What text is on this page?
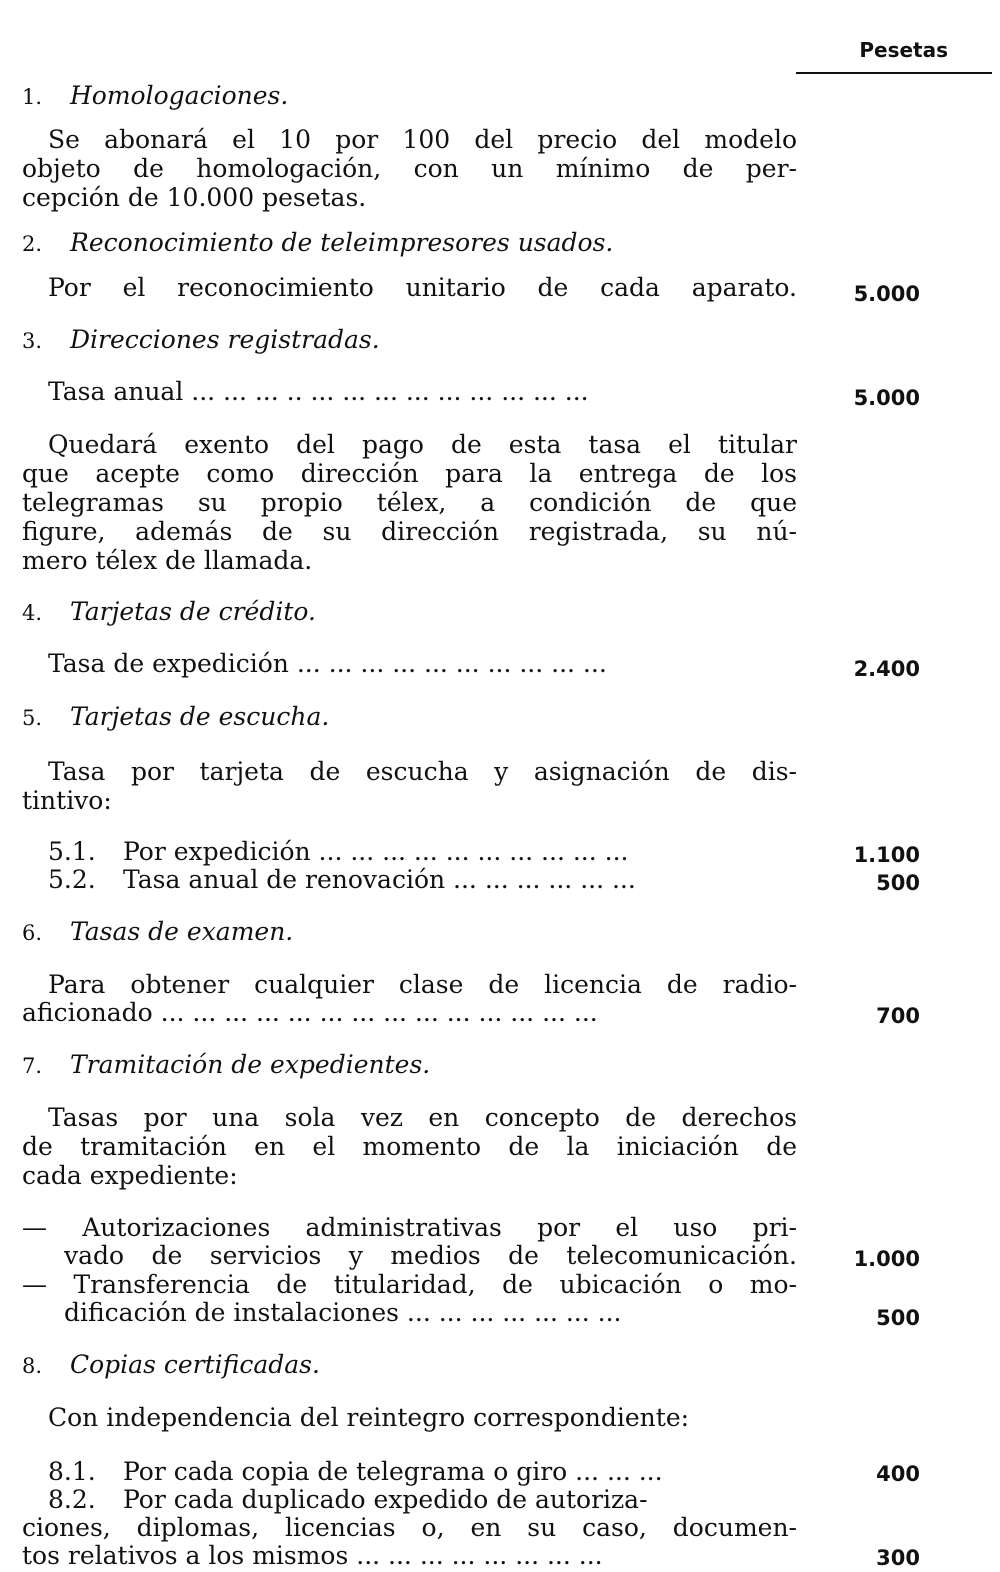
Pesetas
1. Homologaciones.
Se abonará el 10 por 100 del precio del modelo
objeto de homologación, con un mínimo de per-
cepción de 10.000 pesetas.
2. Reconocimiento de teleimpresores usados.
Por el reconocimiento unitario de cada aparato.	5.000
3. Direcciones registradas.
Tasa anual ... ... ... .. ... ... ... ... ... ... ... ... ...	5.000
Quedará exento del pago de esta tasa el titular
que acepte como dirección para la entrega de los
telegramas su propio télex, a condición de que
figure, además de su dirección registrada, su nú-
mero télex de llamada.
4. Tarjetas de crédito.
Tasa de expedición ... ... ... ... ... ... ... ... ... ...	2.400
5. Tarjetas de escucha.
Tasa por tarjeta de escucha y asignación de dis-
tintivo:
5.1. Por expedición ... ... ... ... ... ... ... ... ... ...	1.100
5.2. Tasa anual de renovación ... ... ... ... ... ...	500
6. Tasas de examen.
Para obtener cualquier clase de licencia de radio-
aficionado ... ... ... ... ... ... ... ... ... ... ... ... ... ...	700
7. Tramitación de expedientes.
Tasas por una sola vez en concepto de derechos
de tramitación en el momento de la iniciación de
cada expediente:
— Autorizaciones administrativas por el uso pri-
vado de servicios y medios de telecomunicación.	1.000
— Transferencia de titularidad, de ubicación o mo-
dificación de instalaciones ... ... ... ... ... ... ...	500
8. Copias certificadas.
Con independencia del reintegro correspondiente:
8.1. Por cada copia de telegrama o giro ... ... ...	400
8.2. Por cada duplicado expedido de autoriza-
ciones, diplomas, licencias o, en su caso, documen-
tos relativos a los mismos ... ... ... ... ... ... ... ...	300
